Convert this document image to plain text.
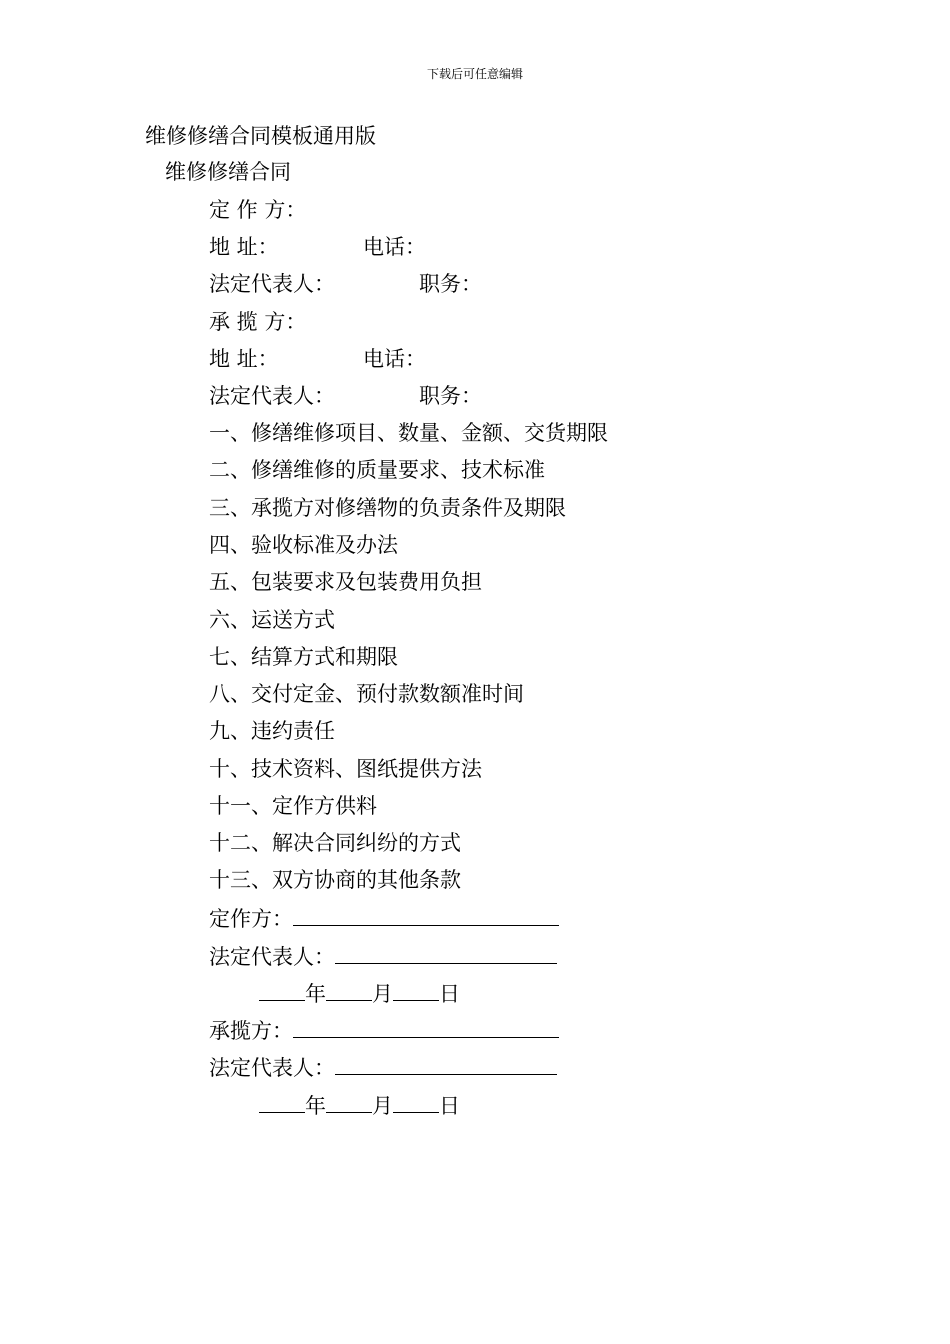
下载后可任意编辑
维修修缮合同模板通用版
维修修缮合同
定 作 方：
地 址：	电话：
法定代表人：	职务：
承 揽 方：
地 址：	电话：
法定代表人：	职务：
一、修缮维修项目、数量、金额、交货期限
二、修缮维修的质量要求、技术标准
三、承揽方对修缮物的负责条件及期限
四、验收标准及办法
五、包装要求及包装费用负担
六、运送方式
七、结算方式和期限
八、交付定金、预付款数额准时间
九、违约责任
十、技术资料、图纸提供方法
十一、定作方供料
十二、解决合同纠纷的方式
十三、双方协商的其他条款
定作方：
法定代表人：
年 月 日
承揽方：
法定代表人：
年 月 日
